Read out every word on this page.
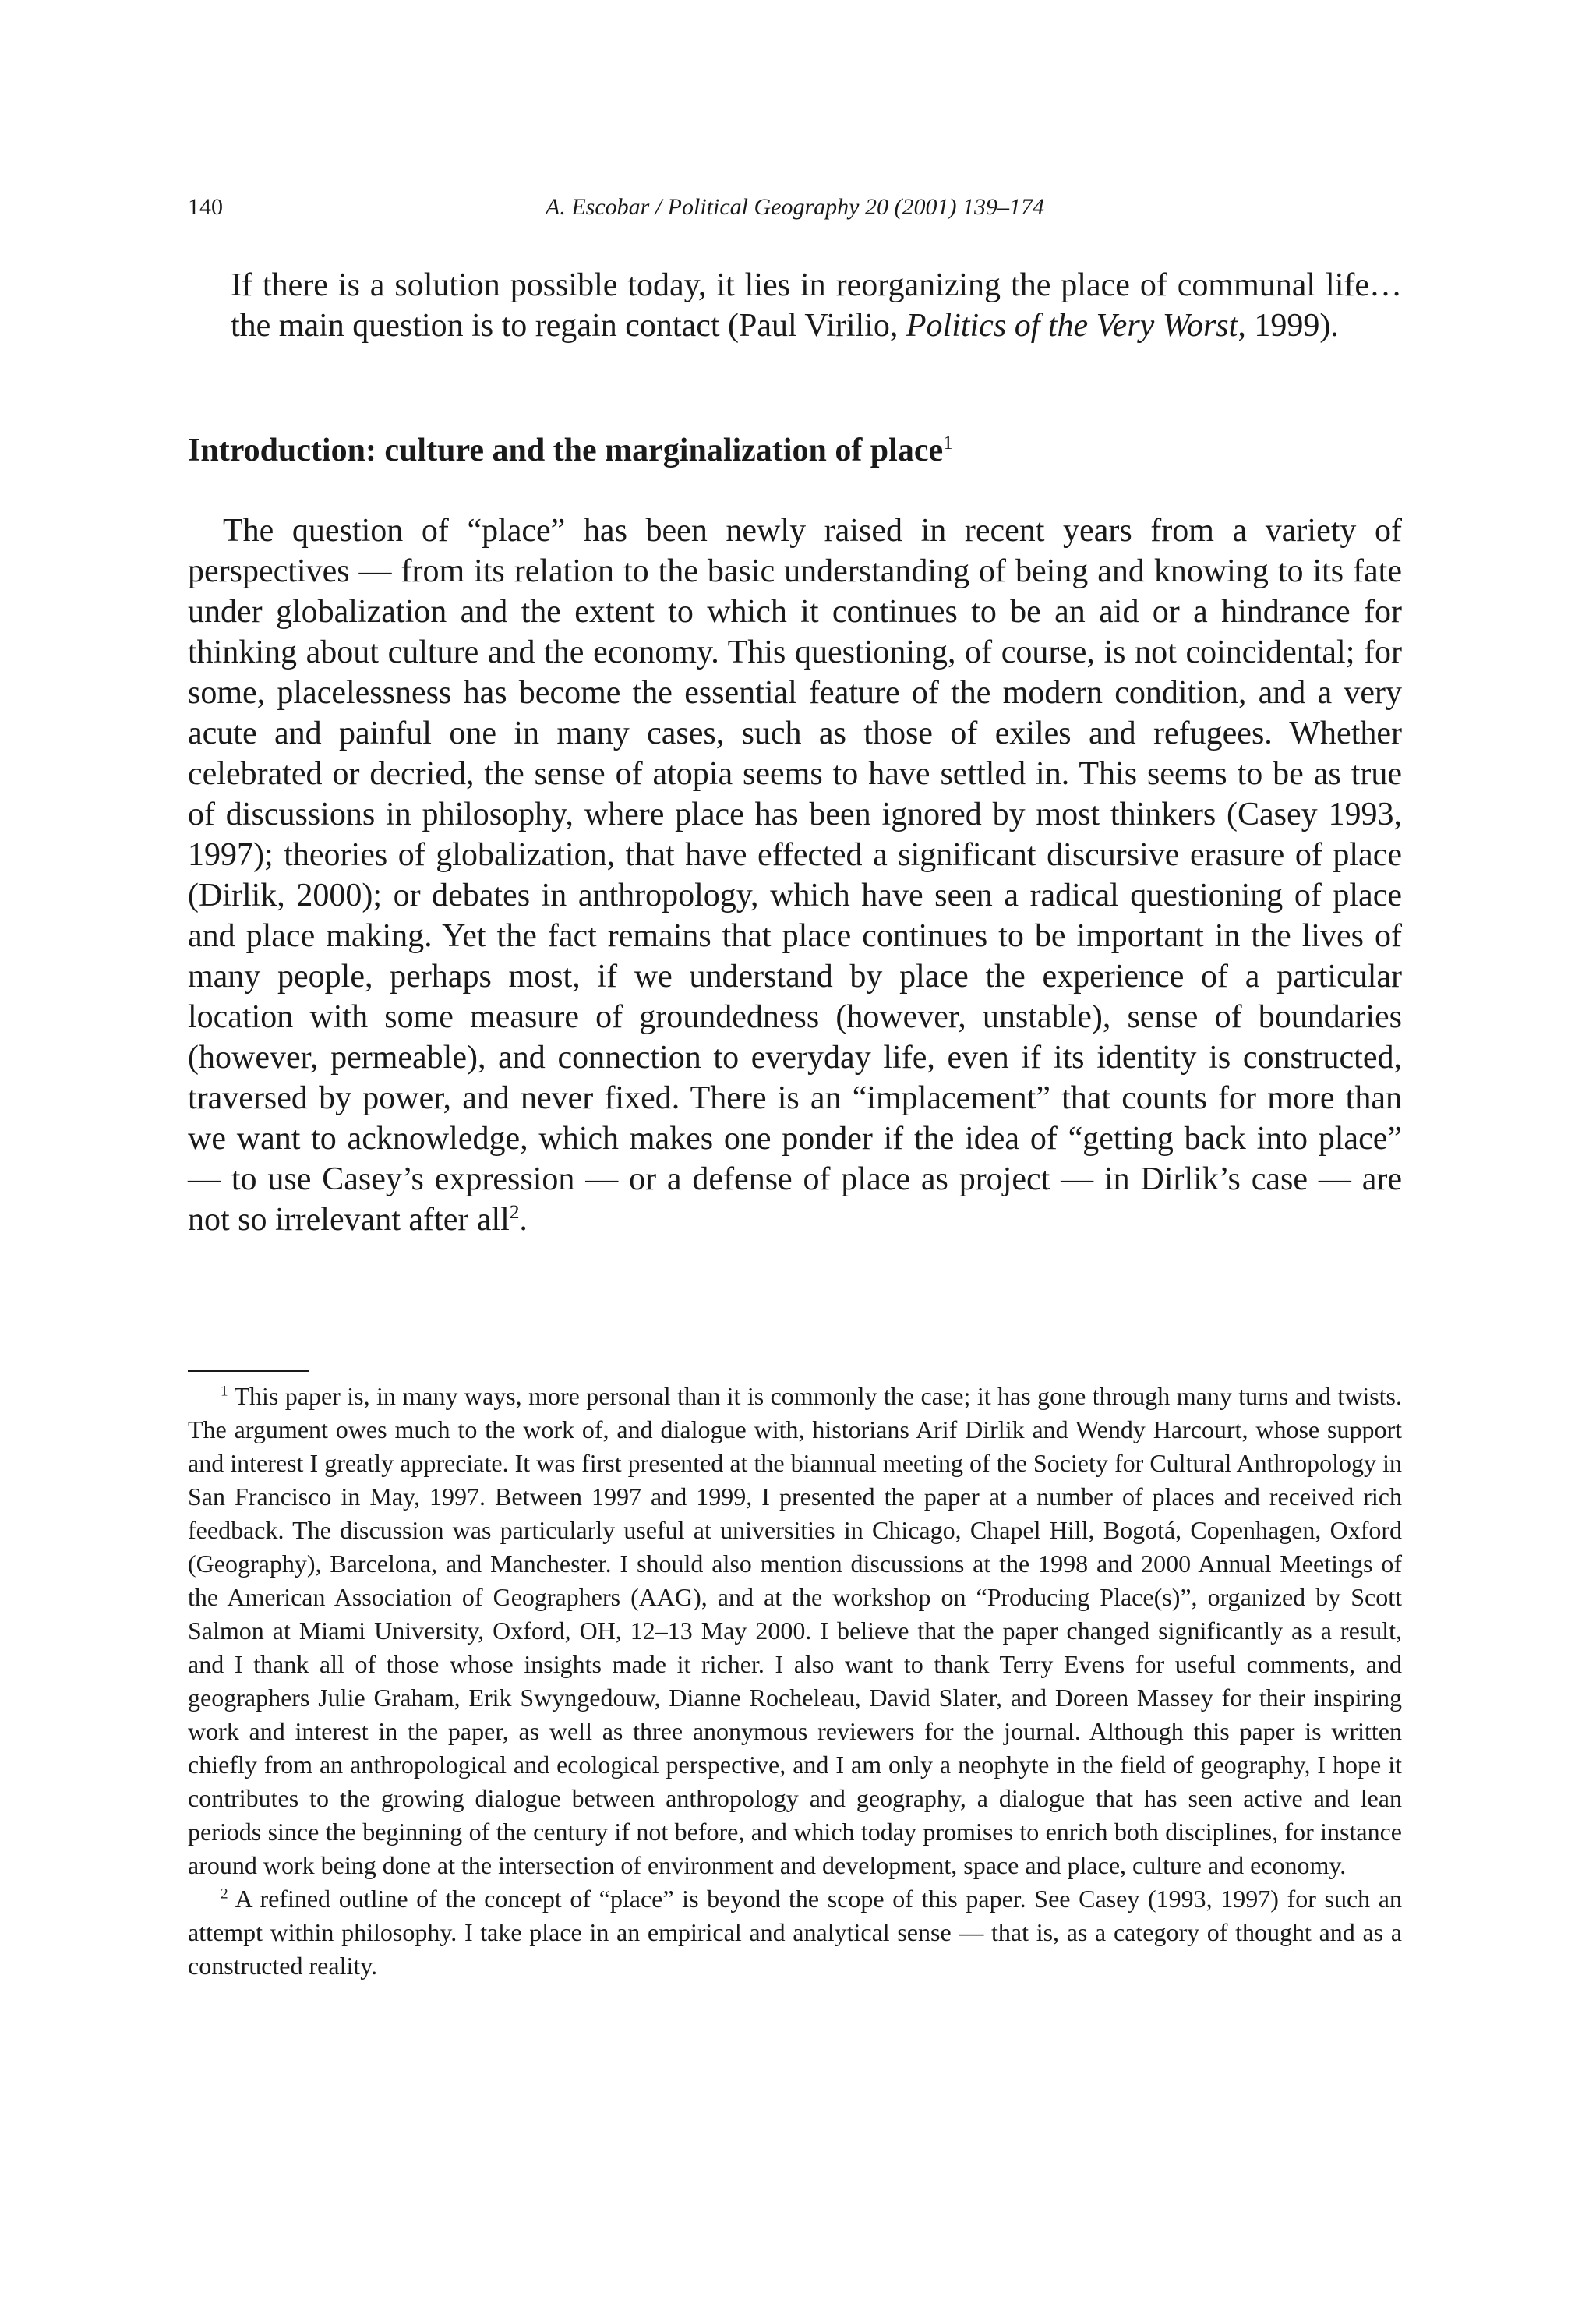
140	A. Escobar / Political Geography 20 (2001) 139–174

If there is a solution possible today, it lies in reorganizing the place of communal life…the main question is to regain contact (Paul Virilio, Politics of the Very Worst, 1999).

Introduction: culture and the marginalization of place$^1$

The question of “place” has been newly raised in recent years from a variety of perspectives — from its relation to the basic understanding of being and knowing to its fate under globalization and the extent to which it continues to be an aid or a hindrance for thinking about culture and the economy. This questioning, of course, is not coincidental; for some, placelessness has become the essential feature of the modern condition, and a very acute and painful one in many cases, such as those of exiles and refugees. Whether celebrated or decried, the sense of atopia seems to have settled in. This seems to be as true of discussions in philosophy, where place has been ignored by most thinkers (Casey 1993, 1997); theories of globalization, that have effected a significant discursive erasure of place (Dirlik, 2000); or debates in anthropology, which have seen a radical questioning of place and place making. Yet the fact remains that place continues to be important in the lives of many people, perhaps most, if we understand by place the experience of a particular location with some measure of groundedness (however, unstable), sense of boundaries (however, permeable), and connection to everyday life, even if its identity is constructed, traversed by power, and never fixed. There is an “implacement” that counts for more than we want to acknowledge, which makes one ponder if the idea of “getting back into place” — to use Casey’s expression — or a defense of place as project — in Dirlik’s case — are not so irrelevant after all$^2$.

$^1$ This paper is, in many ways, more personal than it is commonly the case; it has gone through many turns and twists. The argument owes much to the work of, and dialogue with, historians Arif Dirlik and Wendy Harcourt, whose support and interest I greatly appreciate. It was first presented at the biannual meeting of the Society for Cultural Anthropology in San Francisco in May, 1997. Between 1997 and 1999, I presented the paper at a number of places and received rich feedback. The discussion was particularly useful at universities in Chicago, Chapel Hill, Bogotá, Copenhagen, Oxford (Geography), Barcelona, and Manchester. I should also mention discussions at the 1998 and 2000 Annual Meetings of the American Association of Geographers (AAG), and at the workshop on “Producing Place(s)”, organized by Scott Salmon at Miami University, Oxford, OH, 12–13 May 2000. I believe that the paper changed significantly as a result, and I thank all of those whose insights made it richer. I also want to thank Terry Evens for useful comments, and geographers Julie Graham, Erik Swyngedouw, Dianne Rocheleau, David Slater, and Doreen Massey for their inspiring work and interest in the paper, as well as three anonymous reviewers for the journal. Although this paper is written chiefly from an anthropological and ecological perspective, and I am only a neophyte in the field of geography, I hope it contributes to the growing dialogue between anthropology and geography, a dialogue that has seen active and lean periods since the beginning of the century if not before, and which today promises to enrich both disciplines, for instance around work being done at the intersection of environment and development, space and place, culture and economy.

$^2$ A refined outline of the concept of “place” is beyond the scope of this paper. See Casey (1993, 1997) for such an attempt within philosophy. I take place in an empirical and analytical sense — that is, as a category of thought and as a constructed reality.
